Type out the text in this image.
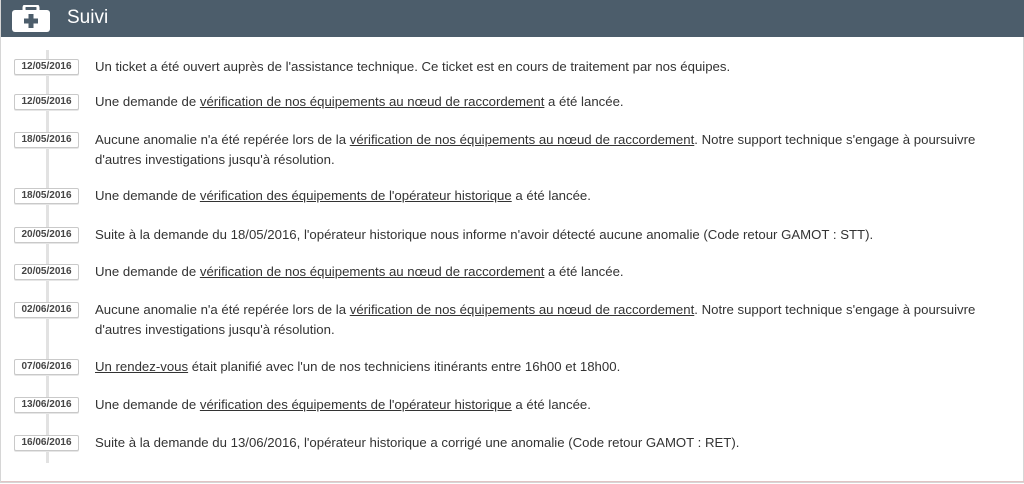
Suivi
12/05/2016	Un ticket a été ouvert auprès de l'assistance technique. Ce ticket est en cours de traitement par nos équipes.
12/05/2016	Une demande de vérification de nos équipements au nœud de raccordement a été lancée.
18/05/2016	Aucune anomalie n'a été repérée lors de la vérification de nos équipements au nœud de raccordement. Notre support technique s'engage à poursuivre d'autres investigations jusqu'à résolution.
18/05/2016	Une demande de vérification des équipements de l'opérateur historique a été lancée.
20/05/2016	Suite à la demande du 18/05/2016, l'opérateur historique nous informe n'avoir détecté aucune anomalie (Code retour GAMOT : STT).
20/05/2016	Une demande de vérification de nos équipements au nœud de raccordement a été lancée.
02/06/2016	Aucune anomalie n'a été repérée lors de la vérification de nos équipements au nœud de raccordement. Notre support technique s'engage à poursuivre d'autres investigations jusqu'à résolution.
07/06/2016	Un rendez-vous était planifié avec l'un de nos techniciens itinérants entre 16h00 et 18h00.
13/06/2016	Une demande de vérification des équipements de l'opérateur historique a été lancée.
16/06/2016	Suite à la demande du 13/06/2016, l'opérateur historique a corrigé une anomalie (Code retour GAMOT : RET).
